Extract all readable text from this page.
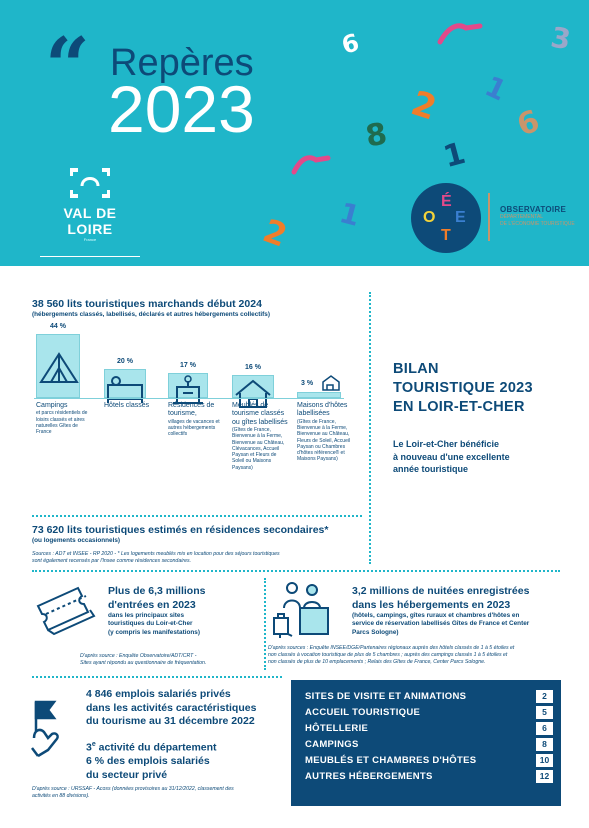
“ Repères
2023
6	3
2 1
6
8
1
1
2
VAL DE LOIRE
France
LOIR-ET-CHER
O
É
E
T
OBSERVATOIRE
DÉPARTEMENTAL
DE L'ÉCONOMIE TOURISTIQUE
38 560 lits touristiques marchands début 2024
(hébergements classés, labellisés, déclarés et autres hébergements collectifs)
44 %
Campings
et parcs résidentiels de loisirs classés et aires naturelles Gîtes de France
20 %
Hôtels classés
17 %
Résidences de tourisme,
villages de vacances et autres hébergements collectifs
16 %
Meublés de tourisme classés ou gîtes labellisés
(Gîtes de France, Bienvenue à la Ferme, Bienvenue au Château, Clévacances, Accueil Paysan et Fleurs de Soleil ou Maisons Paysans)
3 %
Maisons d'hôtes labellisées
(Gîtes de France, Bienvenue à la Ferme, Bienvenue au Château, Fleurs de Soleil, Accueil Paysan ou Chambres d'hôtes référence® et Maisons Paysans)
73 620 lits touristiques estimés en résidences secondaires*
(ou logements occasionnels)
Sources : ADT et INSEE - RP 2020 - * Les logements meublés mis en location pour des séjours touristiques
sont également recensés par l'Insee comme résidences secondaires.
BILAN
TOURISTIQUE 2023
EN LOIR-ET-CHER
Le Loir-et-Cher bénéficie
à nouveau d'une excellente
année touristique
Plus de 6,3 millions
d'entrées en 2023
dans les principaux sites
touristiques du Loir-et-Cher
(y compris les manifestations)
D'après source : Enquête Observatoire/ADT/CRT -
Sites ayant répondu au questionnaire de fréquentation.
3,2 millions de nuitées enregistrées
dans les hébergements en 2023
(hôtels, campings, gîtes ruraux et chambres d'hôtes en
service de réservation labellisés Gîtes de France et Center
Parcs Sologne)
D'après sources : Enquête INSEE/DGE/Partenaires régionaux auprès des hôtels classés de 1 à 5 étoiles et
non classés à vocation touristique de plus de 5 chambres ; auprès des campings classés 1 à 5 étoiles et
non classés de plus de 10 emplacements ; Relais des Gîtes de France, Center Parcs Sologne.
4 846 emplois salariés privés
dans les activités caractéristiques
du tourisme au 31 décembre 2022
3e activité du département
6 % des emplois salariés
du secteur privé
D'après source : URSSAF - Acoss (données provisoires au 31/12/2022, classement des
activités en 88 divisions).
SITES DE VISITE ET ANIMATIONS	2
ACCUEIL TOURISTIQUE	5
HÔTELLERIE	6
CAMPINGS	8
MEUBLÉS ET CHAMBRES D'HÔTES	10
AUTRES HÉBERGEMENTS	12
